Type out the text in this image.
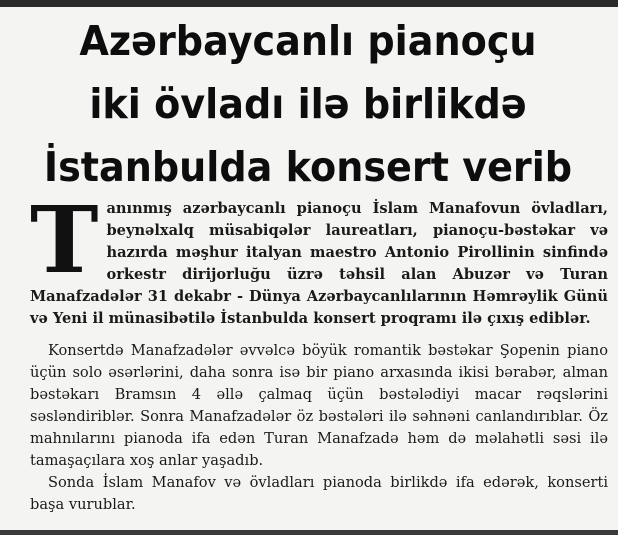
Azərbaycanlı pianoçu
iki övladı ilə birlikdə
İstanbulda konsert verib

Tanınmış azərbaycanlı pianoçu İslam Manafovun övladları, beynəlxalq müsabiqələr laureatları, pianoçu-bəstəkar və hazırda məşhur italyan maestro Antonio Pirollinin sinfində orkestr dirijorluğu üzrə təhsil alan Abuzər və Turan Manafzadələr 31 dekabr - Dünya Azərbaycanlılarının Həmrəylik Günü və Yeni il münasibətilə İstanbulda konsert proqramı ilə çıxış ediblər.

Konsertdə Manafzadələr əvvəlcə böyük romantik bəstəkar Şopenin piano üçün solo əsərlərini, daha sonra isə bir piano arxasında ikisi bərabər, alman bəstəkarı Bramsın 4 əllə çalmaq üçün bəstələdiyi macar rəqslərini səsləndiriblər. Sonra Manafzadələr öz bəstələri ilə səhnəni canlandırıblar. Öz mahnılarını pianoda ifa edən Turan Manafzadə həm də məlahətli səsi ilə tamaşaçılara xoş anlar yaşadıb.

Sonda İslam Manafov və övladları pianoda birlikdə ifa edərək, konserti başa vurublar.
